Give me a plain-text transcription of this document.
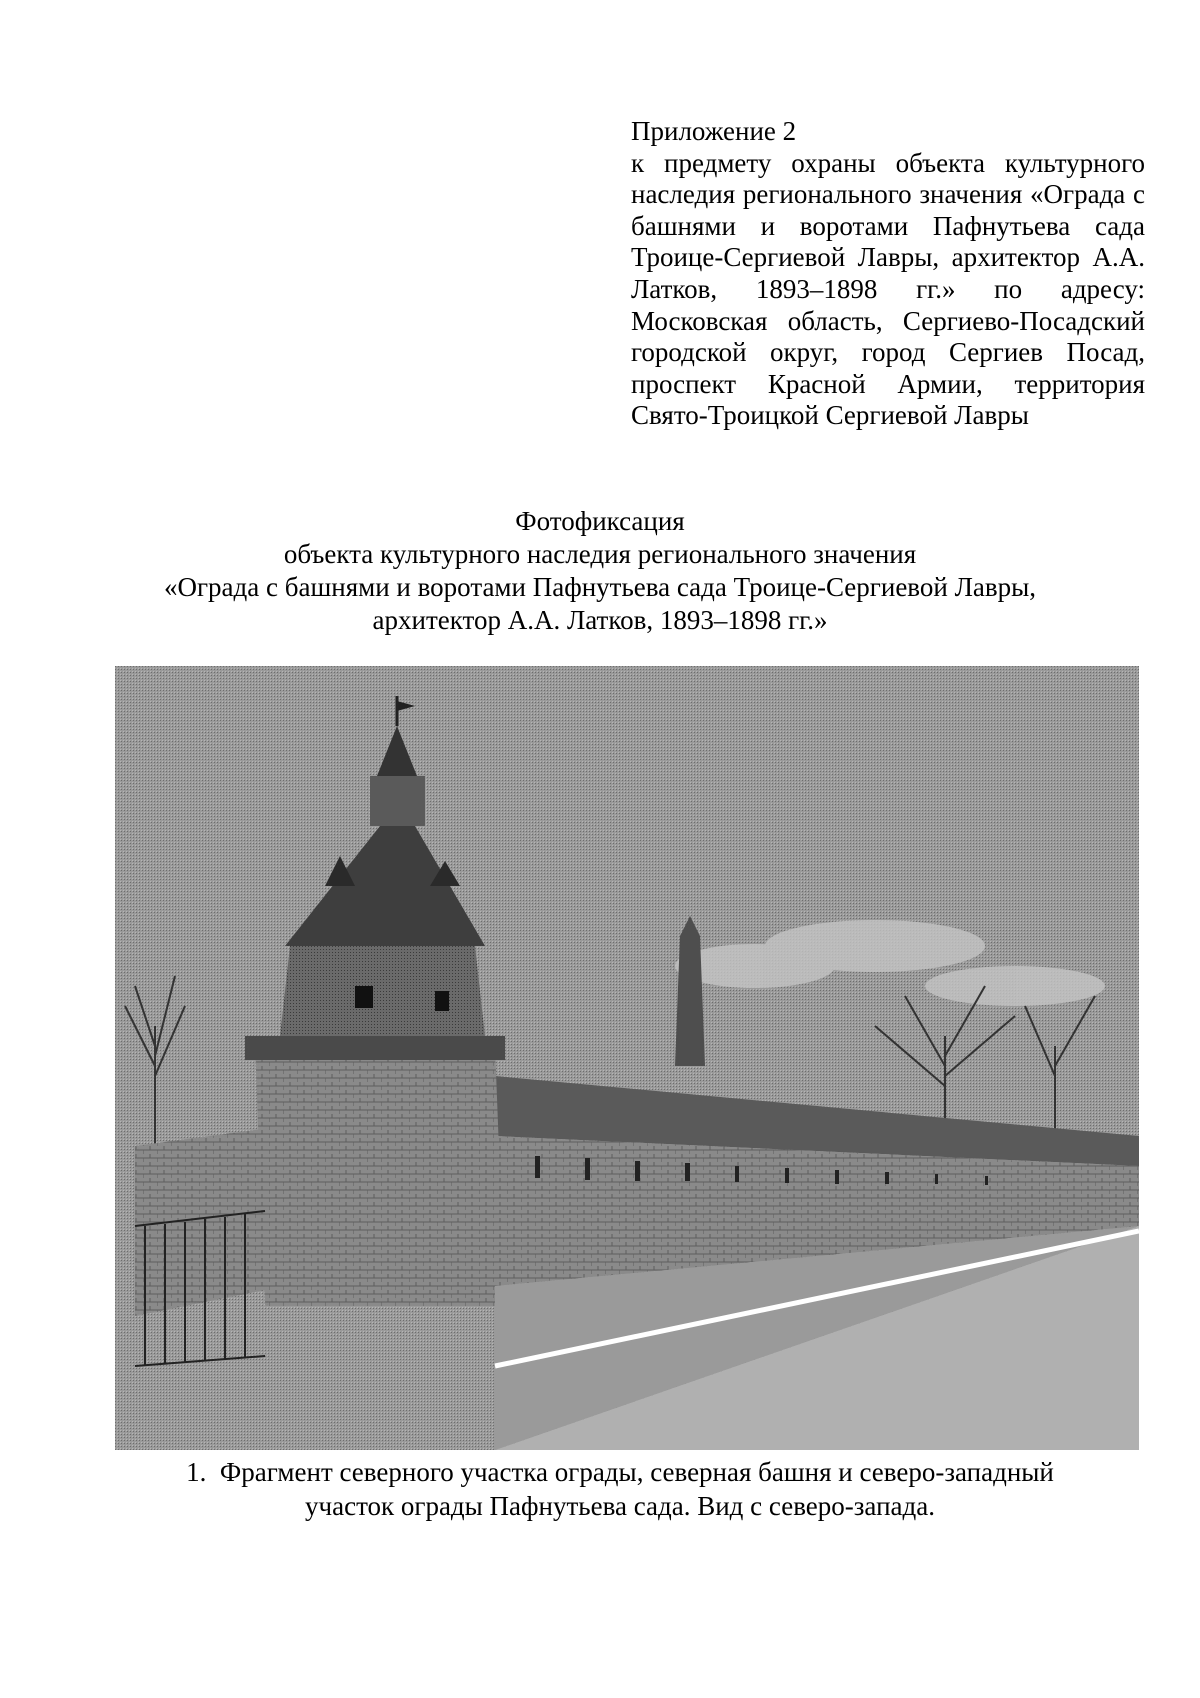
Приложение 2
к предмету охраны объекта культурного наследия регионального значения «Ограда с башнями и воротами Пафнутьева сада Троице-Сергиевой Лавры, архитектор А.А. Латков, 1893–1898 гг.» по адресу: Московская область, Сергиево-Посадский городской округ, город Сергиев Посад, проспект Красной Армии, территория Свято-Троицкой Сергиевой Лавры
Фотофиксация
объекта культурного наследия регионального значения
«Ограда с башнями и воротами Пафнутьева сада Троице-Сергиевой Лавры,
архитектор А.А. Латков, 1893–1898 гг.»
1. Фрагмент северного участка ограды, северная башня и северо-западный
участок ограды Пафнутьева сада. Вид с северо-запада.
